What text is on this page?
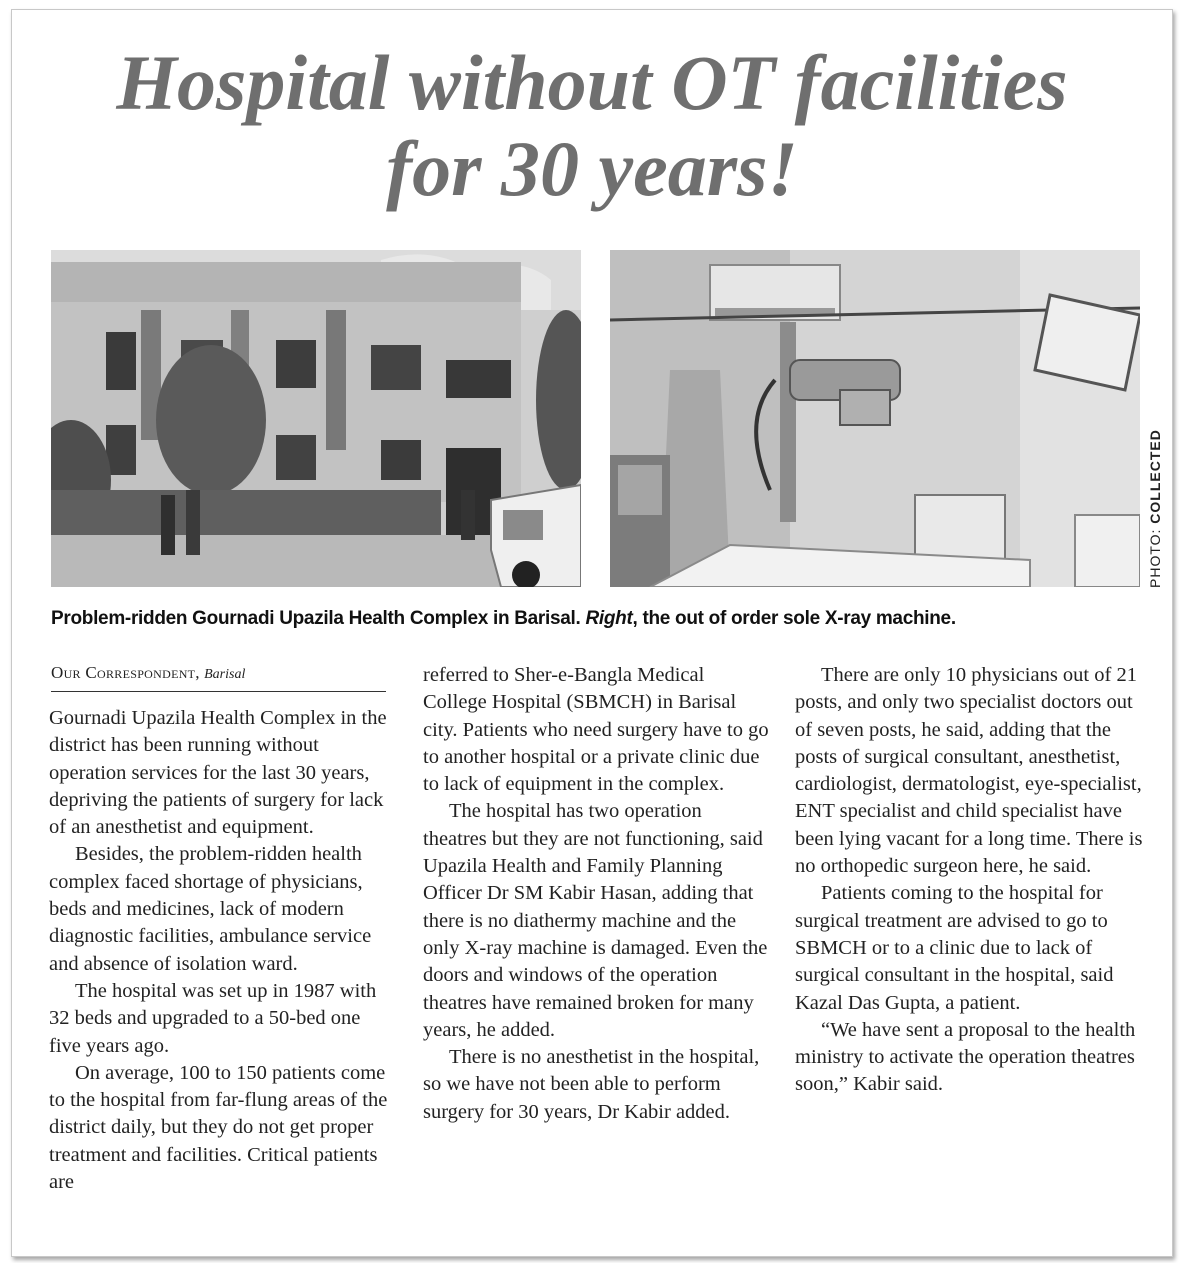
Hospital without OT facilities
for 30 years!
PHOTO: COLLECTED
Problem-ridden Gournadi Upazila Health Complex in Barisal. Right, the out of order sole X-ray machine.
Our Correspondent, Barisal

Gournadi Upazila Health Complex in the district has been running without operation services for the last 30 years, depriving the patients of surgery for lack of an anesthetist and equipment.

Besides, the problem-ridden health complex faced shortage of physicians, beds and medicines, lack of modern diagnostic facilities, ambulance service and absence of isolation ward.

The hospital was set up in 1987 with 32 beds and upgraded to a 50-bed one five years ago.

On average, 100 to 150 patients come to the hospital from far-flung areas of the district daily, but they do not get proper treatment and facilities. Critical patients are

referred to Sher-e-Bangla Medical College Hospital (SBMCH) in Barisal city. Patients who need surgery have to go to another hospital or a private clinic due to lack of equipment in the complex.

The hospital has two operation theatres but they are not functioning, said Upazila Health and Family Planning Officer Dr SM Kabir Hasan, adding that there is no diathermy machine and the only X-ray machine is damaged. Even the doors and windows of the operation theatres have remained broken for many years, he added.

There is no anesthetist in the hospital, so we have not been able to perform surgery for 30 years, Dr Kabir added.

There are only 10 physicians out of 21 posts, and only two specialist doctors out of seven posts, he said, adding that the posts of surgical consultant, anesthetist, cardiologist, dermatologist, eye-specialist, ENT specialist and child specialist have been lying vacant for a long time. There is no orthopedic surgeon here, he said.

Patients coming to the hospital for surgical treatment are advised to go to SBMCH or to a clinic due to lack of surgical consultant in the hospital, said Kazal Das Gupta, a patient.

“We have sent a proposal to the health ministry to activate the operation theatres soon,” Kabir said.
